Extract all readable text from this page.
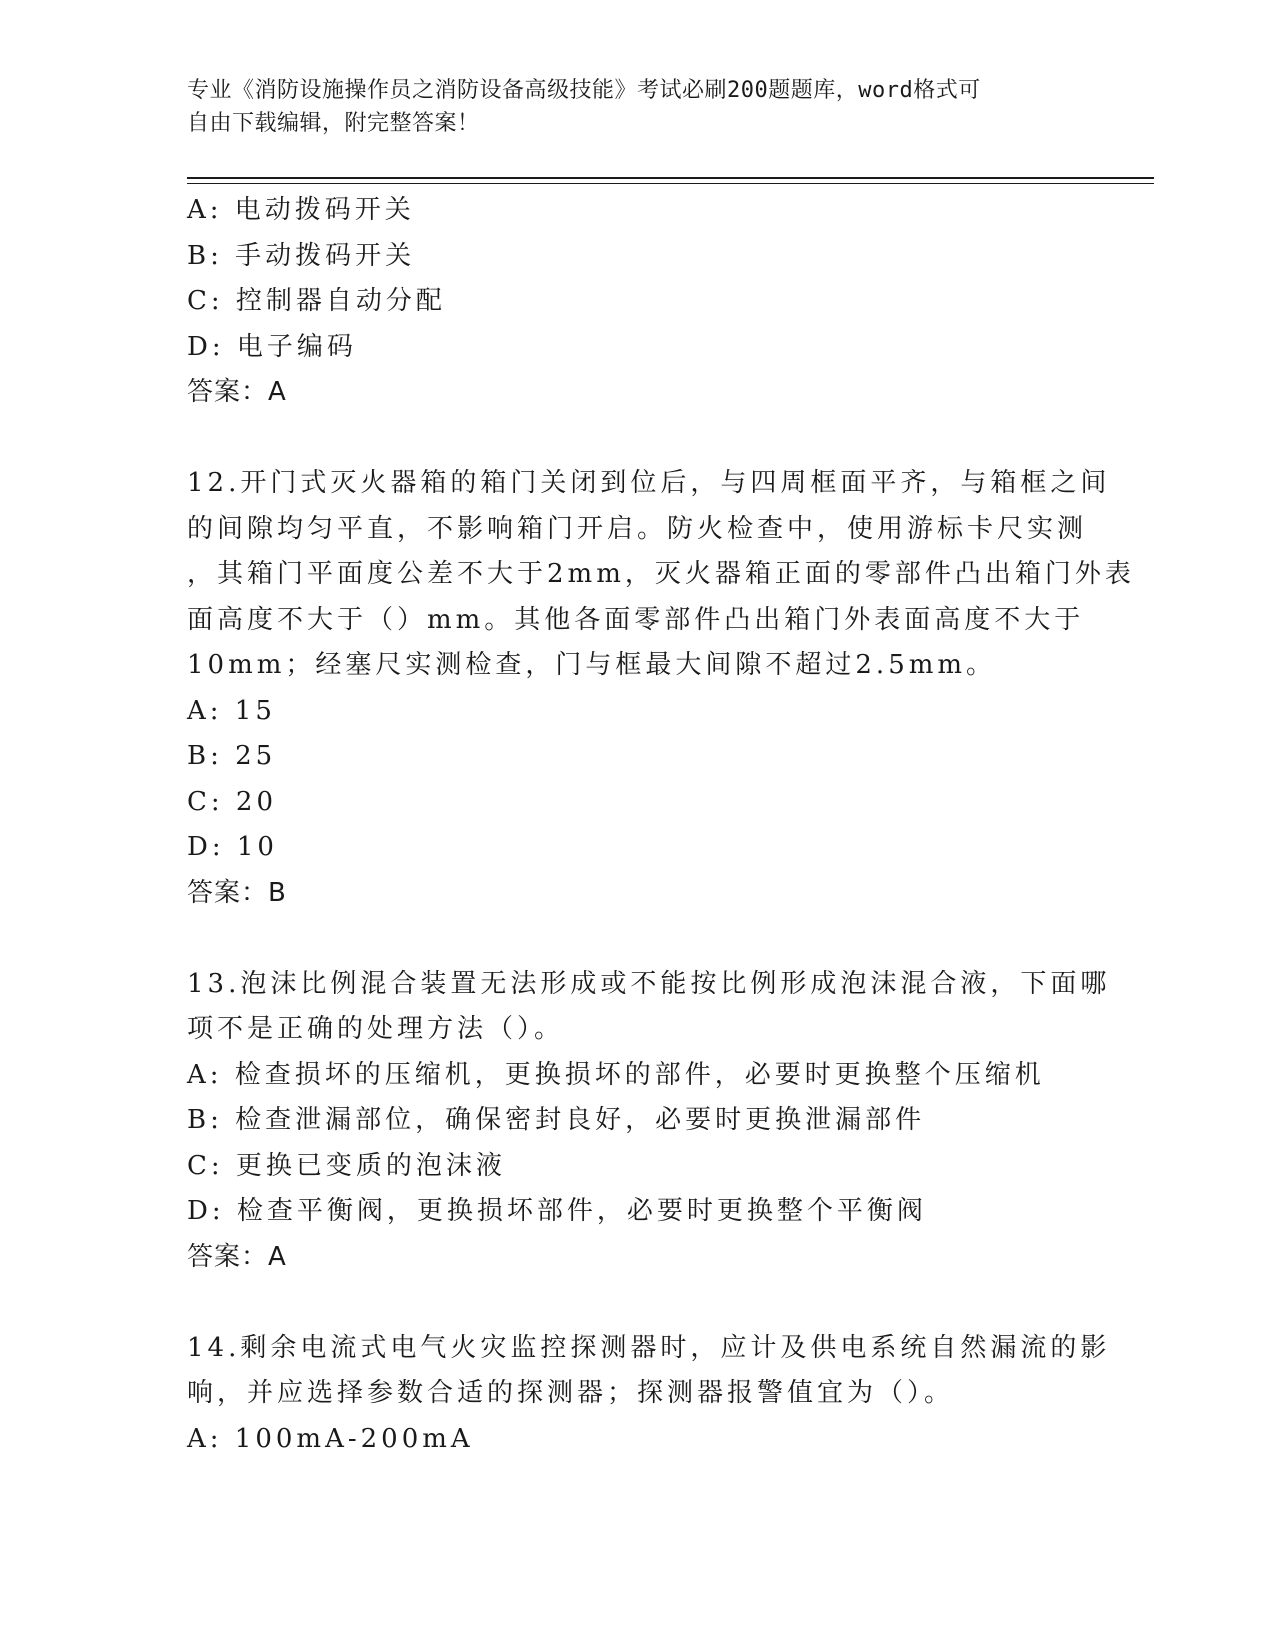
专业《消防设施操作员之消防设备高级技能》考试必刷200题题库，word格式可
自由下载编辑，附完整答案！
A: 电动拨码开关
B: 手动拨码开关
C: 控制器自动分配
D: 电子编码
答案：A
12.开门式灭火器箱的箱门关闭到位后，与四周框面平齐，与箱框之间
的间隙均匀平直，不影响箱门开启。防火检查中，使用游标卡尺实测
，其箱门平面度公差不大于2mm，灭火器箱正面的零部件凸出箱门外表
面高度不大于（）mm。其他各面零部件凸出箱门外表面高度不大于
10mm；经塞尺实测检查，门与框最大间隙不超过2.5mm。
A: 15
B: 25
C: 20
D: 10
答案：B
13.泡沫比例混合装置无法形成或不能按比例形成泡沫混合液，下面哪
项不是正确的处理方法（）。
A: 检查损坏的压缩机，更换损坏的部件，必要时更换整个压缩机
B: 检查泄漏部位，确保密封良好，必要时更换泄漏部件
C: 更换已变质的泡沫液
D: 检查平衡阀，更换损坏部件，必要时更换整个平衡阀
答案：A
14.剩余电流式电气火灾监控探测器时，应计及供电系统自然漏流的影
响，并应选择参数合适的探测器；探测器报警值宜为（）。
A: 100mA-200mA
